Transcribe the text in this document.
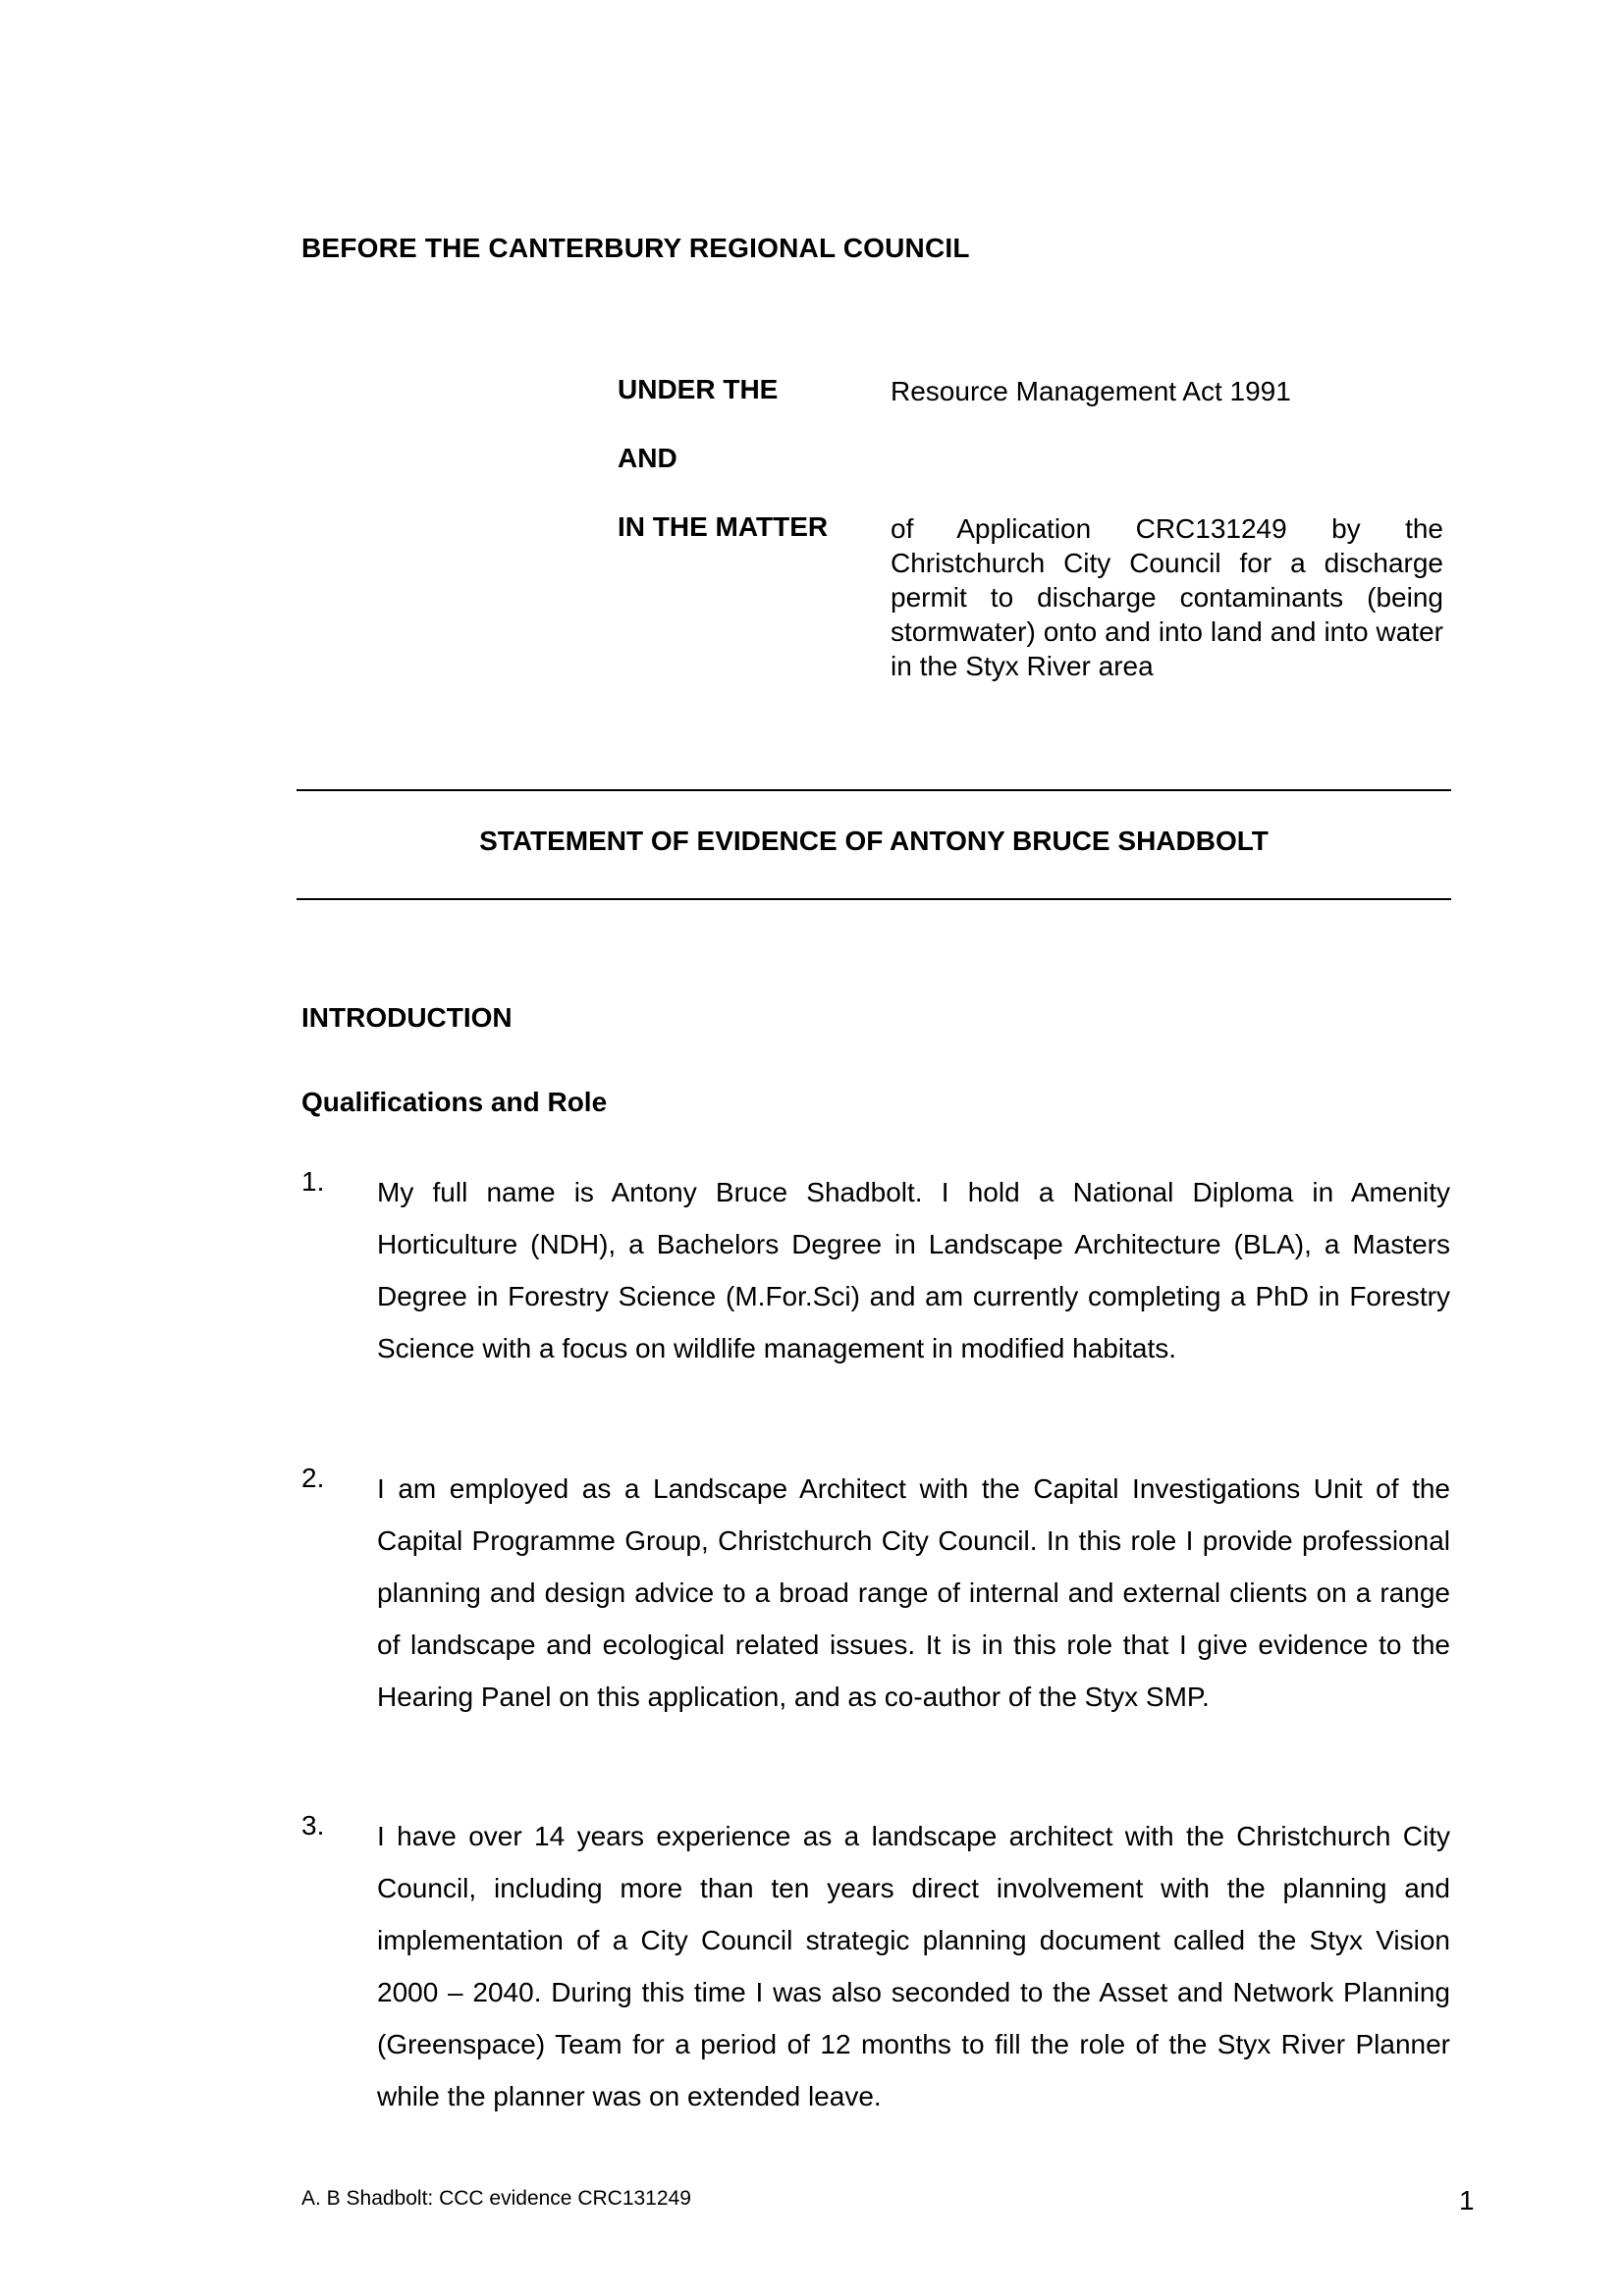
BEFORE THE CANTERBURY REGIONAL COUNCIL
UNDER THE	Resource Management Act 1991
AND
IN THE MATTER of Application CRC131249 by the Christchurch City Council for a discharge permit to discharge contaminants (being stormwater) onto and into land and into water in the Styx River area
STATEMENT OF EVIDENCE OF ANTONY BRUCE SHADBOLT
INTRODUCTION
Qualifications and Role
1. My full name is Antony Bruce Shadbolt. I hold a National Diploma in Amenity Horticulture (NDH), a Bachelors Degree in Landscape Architecture (BLA), a Masters Degree in Forestry Science (M.For.Sci) and am currently completing a PhD in Forestry Science with a focus on wildlife management in modified habitats.
2. I am employed as a Landscape Architect with the Capital Investigations Unit of the Capital Programme Group, Christchurch City Council. In this role I provide professional planning and design advice to a broad range of internal and external clients on a range of landscape and ecological related issues. It is in this role that I give evidence to the Hearing Panel on this application, and as co-author of the Styx SMP.
3. I have over 14 years experience as a landscape architect with the Christchurch City Council, including more than ten years direct involvement with the planning and implementation of a City Council strategic planning document called the Styx Vision 2000 – 2040. During this time I was also seconded to the Asset and Network Planning (Greenspace) Team for a period of 12 months to fill the role of the Styx River Planner while the planner was on extended leave.
A. B Shadbolt: CCC evidence CRC131249	1
